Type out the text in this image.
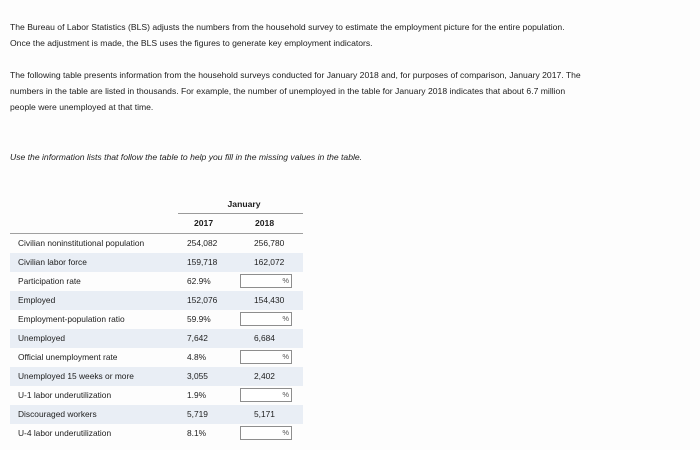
The Bureau of Labor Statistics (BLS) adjusts the numbers from the household survey to estimate the employment picture for the entire population.
Once the adjustment is made, the BLS uses the figures to generate key employment indicators.
The following table presents information from the household surveys conducted for January 2018 and, for purposes of comparison, January 2017. The
numbers in the table are listed in thousands. For example, the number of unemployed in the table for January 2018 indicates that about 6.7 million
people were unemployed at that time.
Use the information lists that follow the table to help you fill in the missing values in the table.
January
2017	2018
Civilian noninstitutional population	254,082	256,780
Civilian labor force	159,718	162,072
Participation rate	62.9%	%
Employed	152,076	154,430
Employment-population ratio	59.9%	%
Unemployed	7,642	6,684
Official unemployment rate	4.8%	%
Unemployed 15 weeks or more	3,055	2,402
U-1 labor underutilization	1.9%	%
Discouraged workers	5,719	5,171
U-4 labor underutilization	8.1%	%
